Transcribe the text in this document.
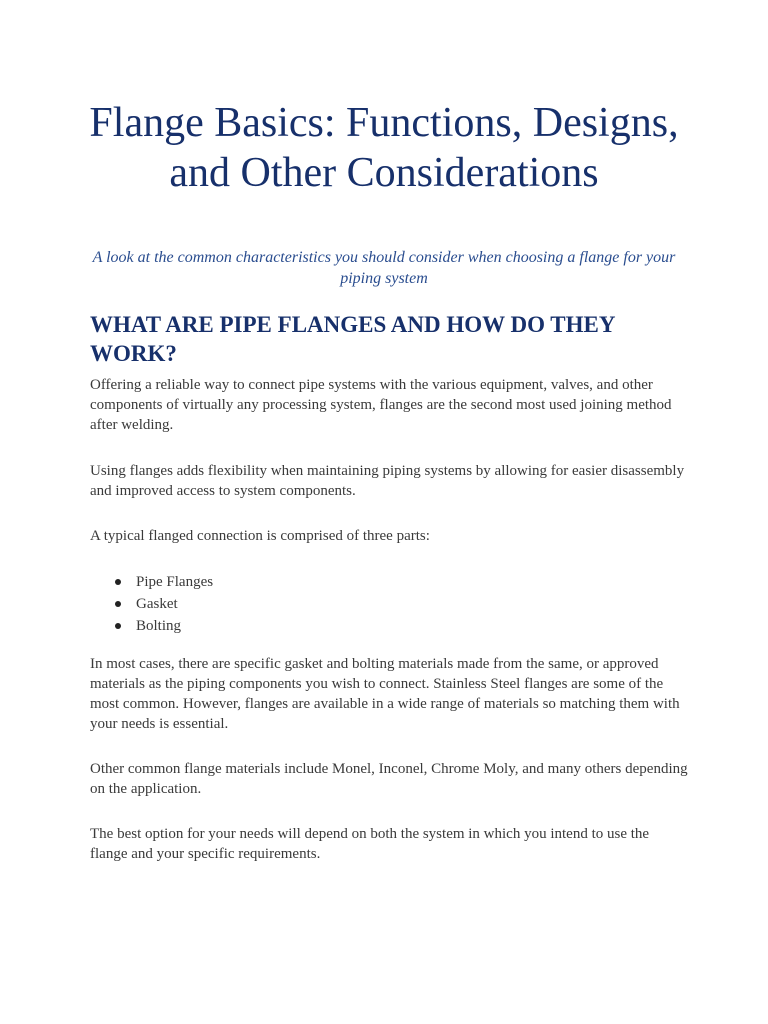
Flange Basics: Functions, Designs, and Other Considerations

A look at the common characteristics you should consider when choosing a flange for your piping system

WHAT ARE PIPE FLANGES AND HOW DO THEY WORK?

Offering a reliable way to connect pipe systems with the various equipment, valves, and other components of virtually any processing system, flanges are the second most used joining method after welding.

Using flanges adds flexibility when maintaining piping systems by allowing for easier disassembly and improved access to system components.

A typical flanged connection is comprised of three parts:

Pipe Flanges
Gasket
Bolting

In most cases, there are specific gasket and bolting materials made from the same, or approved materials as the piping components you wish to connect. Stainless Steel flanges are some of the most common. However, flanges are available in a wide range of materials so matching them with your needs is essential.

Other common flange materials include Monel, Inconel, Chrome Moly, and many others depending on the application.

The best option for your needs will depend on both the system in which you intend to use the flange and your specific requirements.
